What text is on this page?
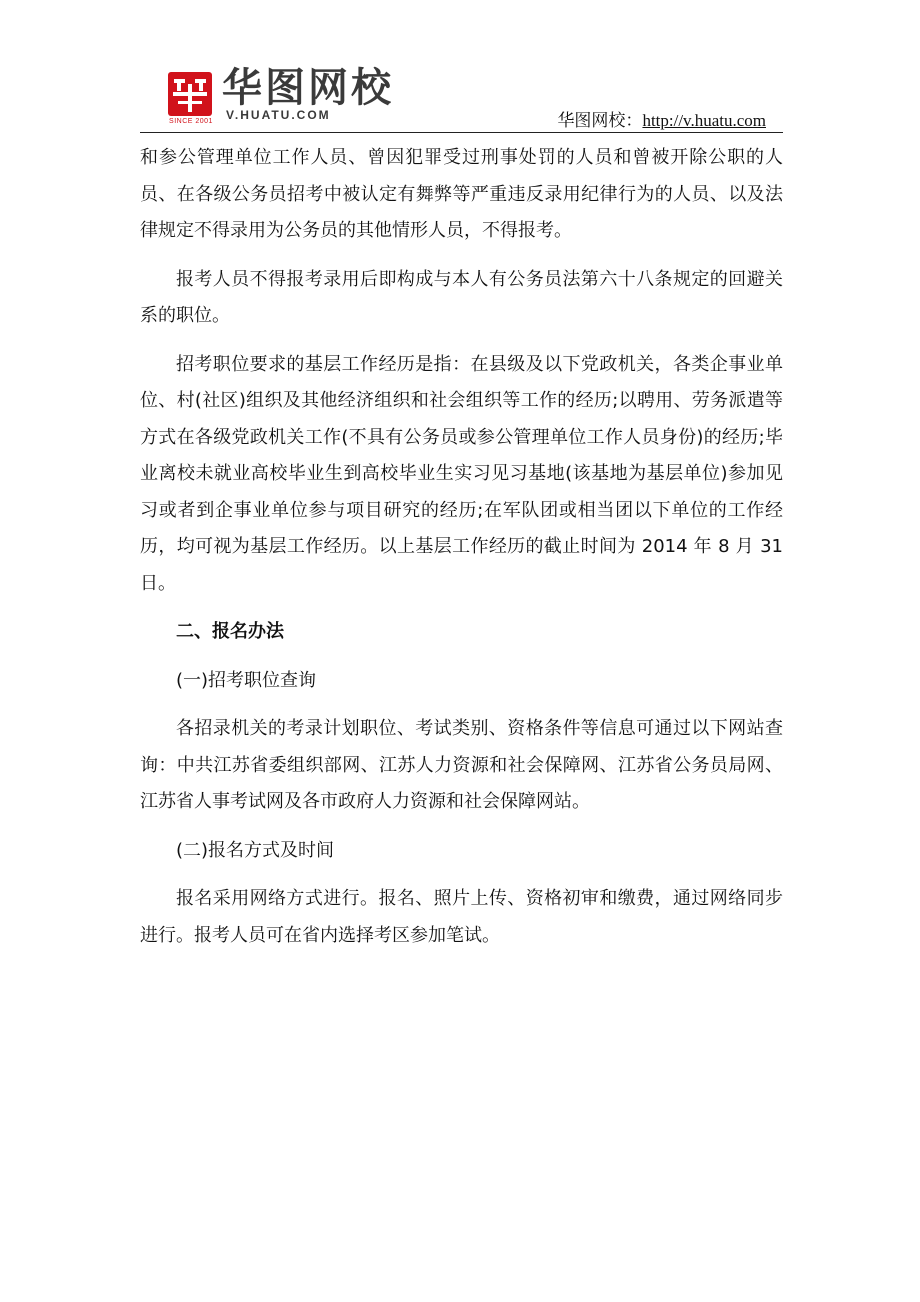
SINCE 2001
华图网校
V.HUATU.COM	华图网校：http://v.huatu.com

和参公管理单位工作人员、曾因犯罪受过刑事处罚的人员和曾被开除公职的人员、在各级公务员招考中被认定有舞弊等严重违反录用纪律行为的人员、以及法律规定不得录用为公务员的其他情形人员，不得报考。

报考人员不得报考录用后即构成与本人有公务员法第六十八条规定的回避关系的职位。

招考职位要求的基层工作经历是指：在县级及以下党政机关，各类企事业单位、村(社区)组织及其他经济组织和社会组织等工作的经历;以聘用、劳务派遣等方式在各级党政机关工作(不具有公务员或参公管理单位工作人员身份)的经历;毕业离校未就业高校毕业生到高校毕业生实习见习基地(该基地为基层单位)参加见习或者到企事业单位参与项目研究的经历;在军队团或相当团以下单位的工作经历，均可视为基层工作经历。以上基层工作经历的截止时间为 2014 年 8 月 31 日。

二、报名办法

(一)招考职位查询

各招录机关的考录计划职位、考试类别、资格条件等信息可通过以下网站查询：中共江苏省委组织部网、江苏人力资源和社会保障网、江苏省公务员局网、江苏省人事考试网及各市政府人力资源和社会保障网站。

(二)报名方式及时间

报名采用网络方式进行。报名、照片上传、资格初审和缴费，通过网络同步进行。报考人员可在省内选择考区参加笔试。
